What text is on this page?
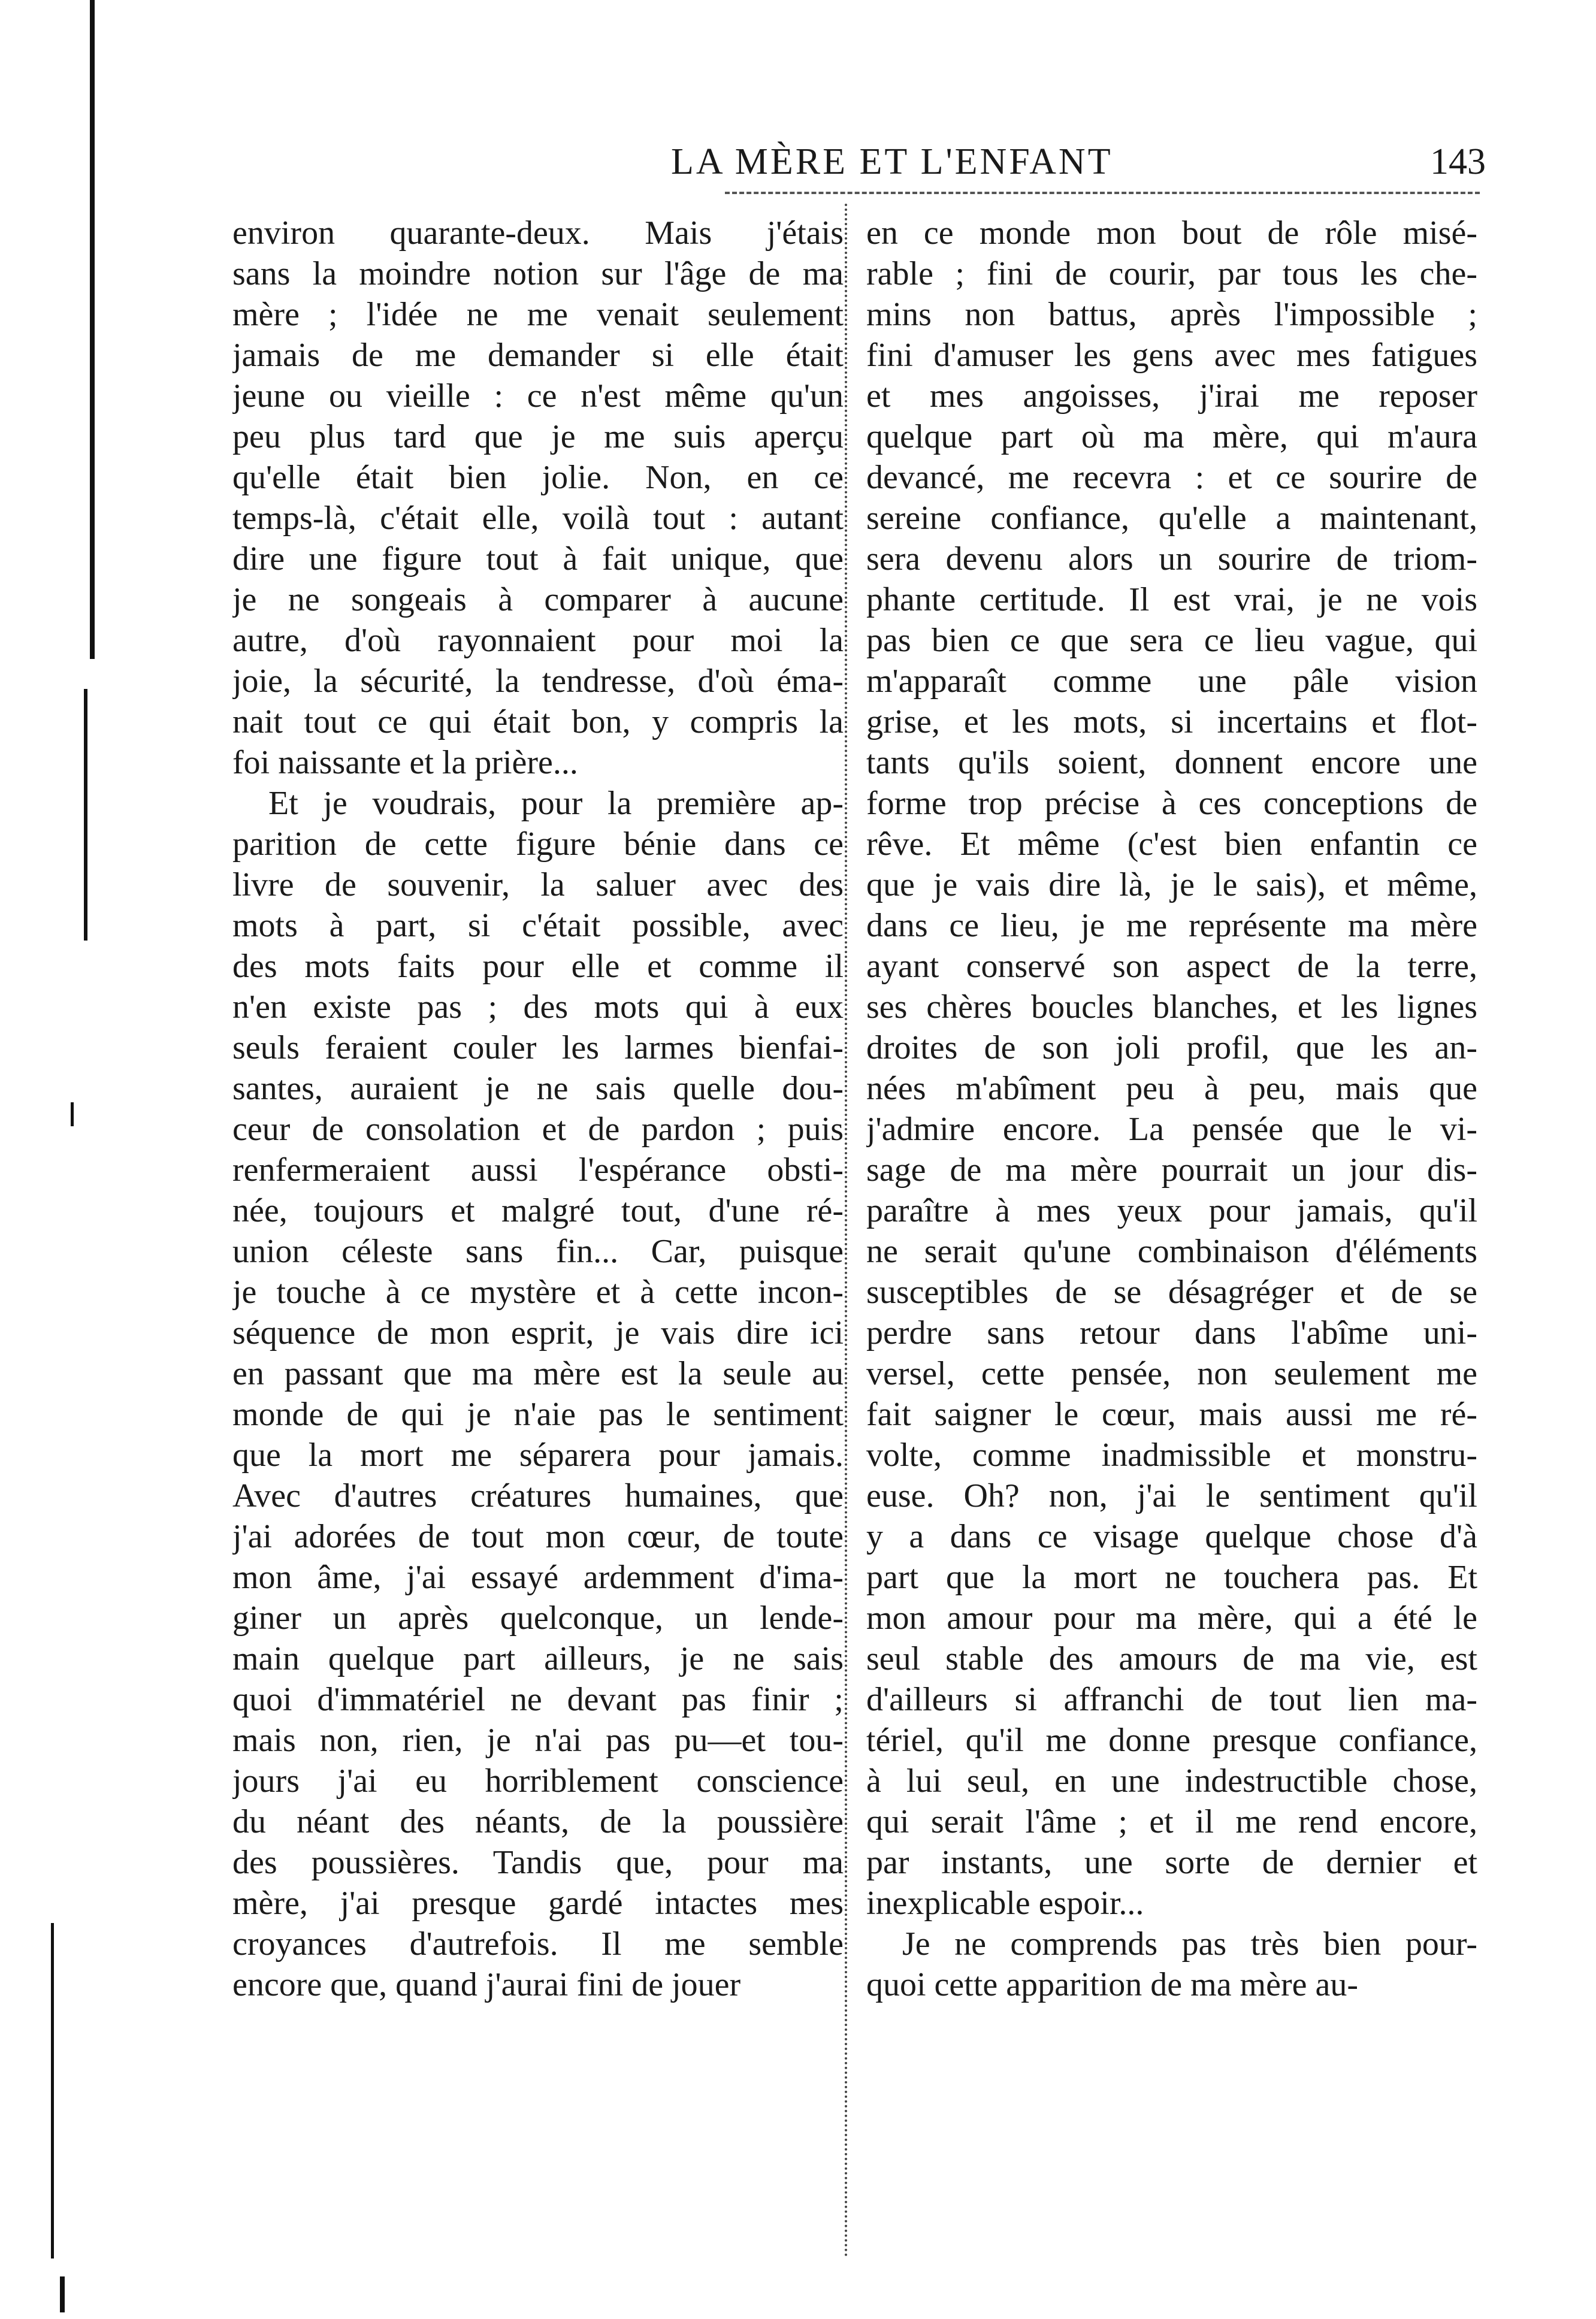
LA MÈRE ET L'ENFANT	143
environ quarante-deux. Mais j'étais
sans la moindre notion sur l'âge de ma
mère ; l'idée ne me venait seulement
jamais de me demander si elle était
jeune ou vieille : ce n'est même qu'un
peu plus tard que je me suis aperçu
qu'elle était bien jolie. Non, en ce
temps-là, c'était elle, voilà tout : autant
dire une figure tout à fait unique, que
je ne songeais à comparer à aucune
autre, d'où rayonnaient pour moi la
joie, la sécurité, la tendresse, d'où éma-
nait tout ce qui était bon, y compris la
foi naissante et la prière...
Et je voudrais, pour la première ap-
parition de cette figure bénie dans ce
livre de souvenir, la saluer avec des
mots à part, si c'était possible, avec
des mots faits pour elle et comme il
n'en existe pas ; des mots qui à eux
seuls feraient couler les larmes bienfai-
santes, auraient je ne sais quelle dou-
ceur de consolation et de pardon ; puis
renfermeraient aussi l'espérance obsti-
née, toujours et malgré tout, d'une ré-
union céleste sans fin... Car, puisque
je touche à ce mystère et à cette incon-
séquence de mon esprit, je vais dire ici
en passant que ma mère est la seule au
monde de qui je n'aie pas le sentiment
que la mort me séparera pour jamais.
Avec d'autres créatures humaines, que
j'ai adorées de tout mon cœur, de toute
mon âme, j'ai essayé ardemment d'ima-
giner un après quelconque, un lende-
main quelque part ailleurs, je ne sais
quoi d'immatériel ne devant pas finir ;
mais non, rien, je n'ai pas pu—et tou-
jours j'ai eu horriblement conscience
du néant des néants, de la poussière
des poussières. Tandis que, pour ma
mère, j'ai presque gardé intactes mes
croyances d'autrefois. Il me semble
encore que, quand j'aurai fini de jouer
en ce monde mon bout de rôle misé-
rable ; fini de courir, par tous les che-
mins non battus, après l'impossible ;
fini d'amuser les gens avec mes fatigues
et mes angoisses, j'irai me reposer
quelque part où ma mère, qui m'aura
devancé, me recevra : et ce sourire de
sereine confiance, qu'elle a maintenant,
sera devenu alors un sourire de triom-
phante certitude. Il est vrai, je ne vois
pas bien ce que sera ce lieu vague, qui
m'apparaît comme une pâle vision
grise, et les mots, si incertains et flot-
tants qu'ils soient, donnent encore une
forme trop précise à ces conceptions de
rêve. Et même (c'est bien enfantin ce
que je vais dire là, je le sais), et même,
dans ce lieu, je me représente ma mère
ayant conservé son aspect de la terre,
ses chères boucles blanches, et les lignes
droites de son joli profil, que les an-
nées m'abîment peu à peu, mais que
j'admire encore. La pensée que le vi-
sage de ma mère pourrait un jour dis-
paraître à mes yeux pour jamais, qu'il
ne serait qu'une combinaison d'éléments
susceptibles de se désagréger et de se
perdre sans retour dans l'abîme uni-
versel, cette pensée, non seulement me
fait saigner le cœur, mais aussi me ré-
volte, comme inadmissible et monstru-
euse. Oh? non, j'ai le sentiment qu'il
y a dans ce visage quelque chose d'à
part que la mort ne touchera pas. Et
mon amour pour ma mère, qui a été le
seul stable des amours de ma vie, est
d'ailleurs si affranchi de tout lien ma-
tériel, qu'il me donne presque confiance,
à lui seul, en une indestructible chose,
qui serait l'âme ; et il me rend encore,
par instants, une sorte de dernier et
inexplicable espoir...
Je ne comprends pas très bien pour-
quoi cette apparition de ma mère au-
